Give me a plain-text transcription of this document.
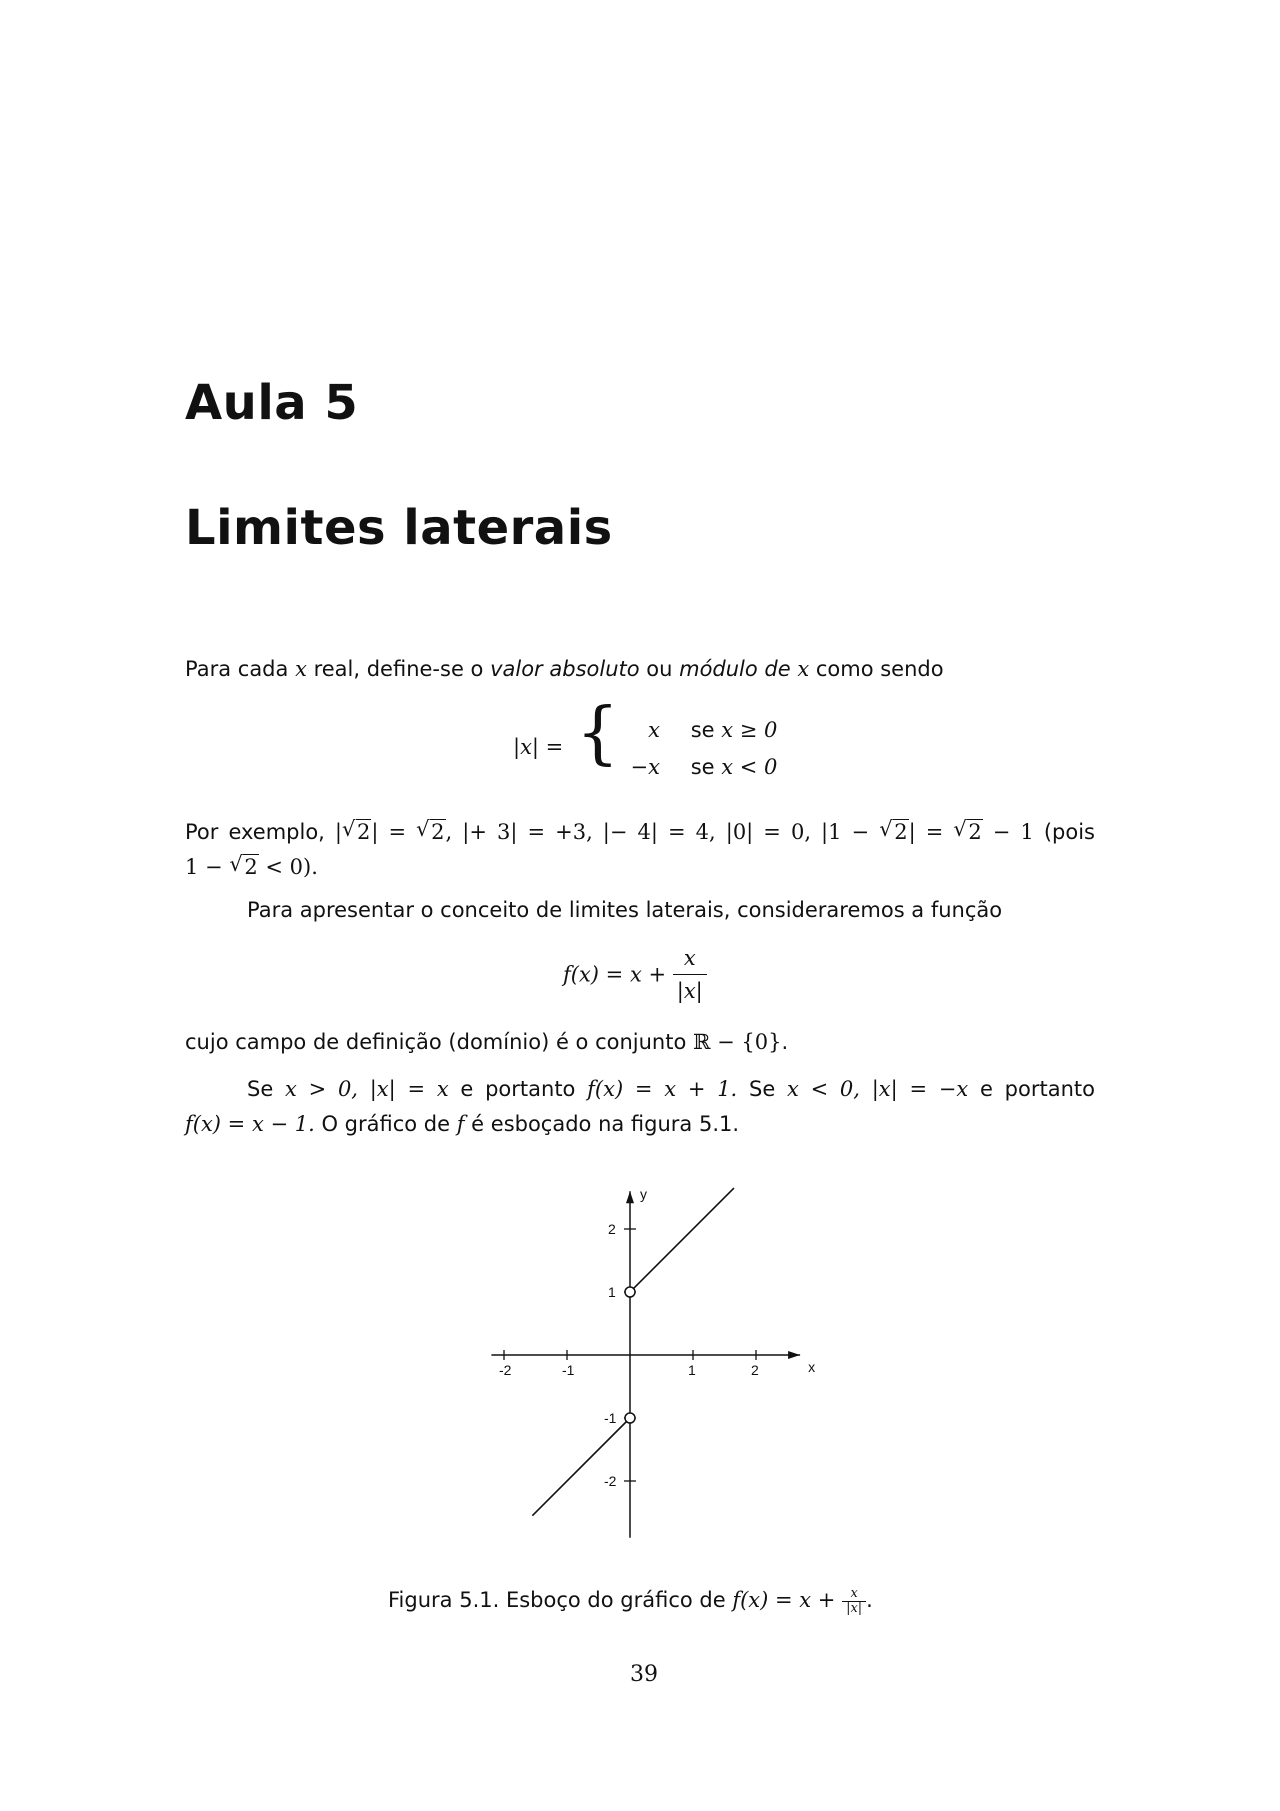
Aula 5
Limites laterais
Para cada x real, define-se o valor absoluto ou módulo de x como sendo
|x| = {	x se x ≥ 0
−x se x < 0
Por exemplo, |√ 2| = √ 2, |+ 3| = +3, |− 4| = 4, |0| = 0, |1 − √ 2| = √ 2 − 1 (pois
1 − √ 2 < 0).
Para apresentar o conceito de limites laterais, consideraremos a função
$f(x) = x + \frac{x}{|x|}$
cujo campo de definição (domínio) é o conjunto ℝ − {0}.
Se x > 0, |x| = x e portanto f(x) = x + 1. Se x < 0, |x| = −x e portanto
f(x) = x − 1. O gráfico de f é esboçado na figura 5.1.
x
y
-2	-1	1	2
2
1
-1
-2
Figura 5.1. Esboço do gráfico de $f(x) = x + \frac{x}{|x|}$ .
39
